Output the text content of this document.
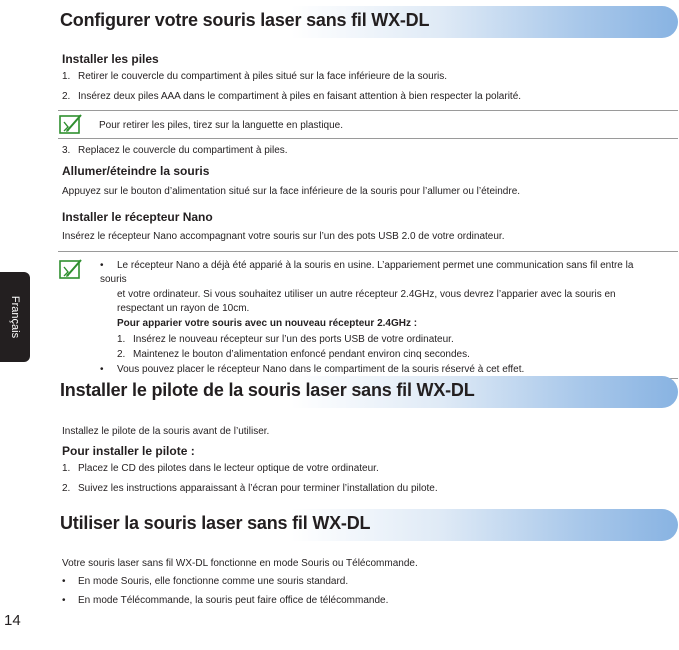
Français
Configurer votre souris laser sans fil WX-DL
Installer les piles
1. Retirer le couvercle du compartiment à piles situé sur la face inférieure de la souris.
2. Insérez deux piles AAA dans le compartiment à piles en faisant attention à bien respecter la polarité.
Pour retirer les piles, tirez sur la languette en plastique.
3. Replacez le couvercle du compartiment à piles.
Allumer/éteindre la souris
Appuyez sur le bouton d’alimentation situé sur la face inférieure de la souris pour l’allumer ou l’éteindre.
Installer le récepteur Nano
Insérez le récepteur Nano accompagnant votre souris sur l’un des pots USB 2.0 de votre ordinateur.
• Le récepteur Nano a déjà été apparié à la souris en usine. L’appariement permet une communication sans fil entre la
souris
et votre ordinateur. Si vous souhaitez utiliser un autre récepteur 2.4GHz, vous devrez l’apparier avec la souris en
respectant un rayon de 10cm.
Pour apparier votre souris avec un nouveau récepteur 2.4GHz :
1. Insérez le nouveau récepteur sur l’un des ports USB de votre ordinateur.
2. Maintenez le bouton d’alimentation enfoncé pendant environ cinq secondes.
• Vous pouvez placer le récepteur Nano dans le compartiment de la souris réservé à cet effet.
Installer le pilote de la souris laser sans fil WX-DL
Installez le pilote de la souris avant de l’utiliser.
Pour installer le pilote :
1. Placez le CD des pilotes dans le lecteur optique de votre ordinateur.
2. Suivez les instructions apparaissant à l’écran pour terminer l’installation du pilote.
Utiliser la souris laser sans fil WX-DL
Votre souris laser sans fil WX-DL fonctionne en mode Souris ou Télécommande.
• En mode Souris, elle fonctionne comme une souris standard.
• En mode Télécommande, la souris peut faire office de télécommande.
14
